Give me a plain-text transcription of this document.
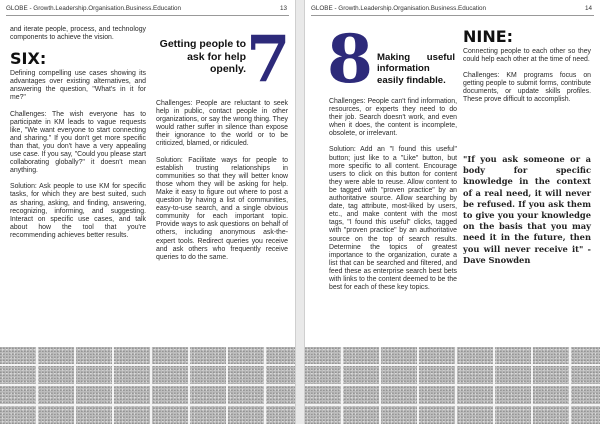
GLOBE - Growth.Leadership.Organisation.Business.Education	13

and iterate people, process, and technology components to achieve the vision.

SIX:

Defining compelling use cases showing its advantages over existing alternatives, and answering the question, "What's in it for me?"

Challenges: The wish everyone has to participate in KM leads to vague requests like, "We want everyone to start connecting and sharing." If you don't get more specific than that, you don't have a very appealing use case. If you say, "Could you please start collaborating globally?" it doesn't mean anything.

Solution: Ask people to use KM for specific tasks, for which they are best suited, such as sharing, asking, and finding, answering, recognizing, informing, and suggesting. Interact on specific use cases, and talk about how the tool that you're recommending achieves better results.

Getting people to ask for help openly. 7

Challenges: People are reluctant to seek help in public, contact people in other organizations, or say the wrong thing. They would rather suffer in silence than expose their ignorance to the world or to be criticized, blamed, or ridiculed.

Solution: Facilitate ways for people to establish trusting relationships in communities so that they will better know those whom they will be asking for help. Make it easy to figure out where to post a question by having a list of communities, easy-to-use search, and a single obvious community for each important topic. Provide ways to ask questions on behalf of others, including anonymous ask-the-expert tools. Redirect queries you receive and ask others who frequently receive queries to do the same.

GLOBE - Growth.Leadership.Organisation.Business.Education	14
8 Making useful information easily findable.

Challenges: People can't find information, resources, or experts they need to do their job. Search doesn't work, and even when it does, the content is incomplete, obsolete, or irrelevant.

Solution: Add an "I found this useful" button; just like to a "Like" button, but more specific to all content. Encourage users to click on this button for content they were able to reuse. Allow content to be tagged with "proven practice" by an authoritative source. Allow searching by date, tag attribute, most-liked by users, etc., and make content with the most tags, "I found this useful" clicks, tagged with "proven practice" by an authoritative source on the top of search results. Determine the topics of greatest importance to the organization, curate a list that can be searched and filtered, and feed these as enterprise search best bets with links to the content deemed to be the best for each of these key topics.

NINE:

Connecting people to each other so they could help each other at the time of need.

Challenges: KM programs focus on getting people to submit forms, contribute documents, or update skills profiles. These prove difficult to accomplish.

"If you ask someone or a body for specific knowledge in the context of a real need, it will never be refused. If you ask them to give you your knowledge on the basis that you may need it in the future, then you will never receive it" - Dave Snowden
